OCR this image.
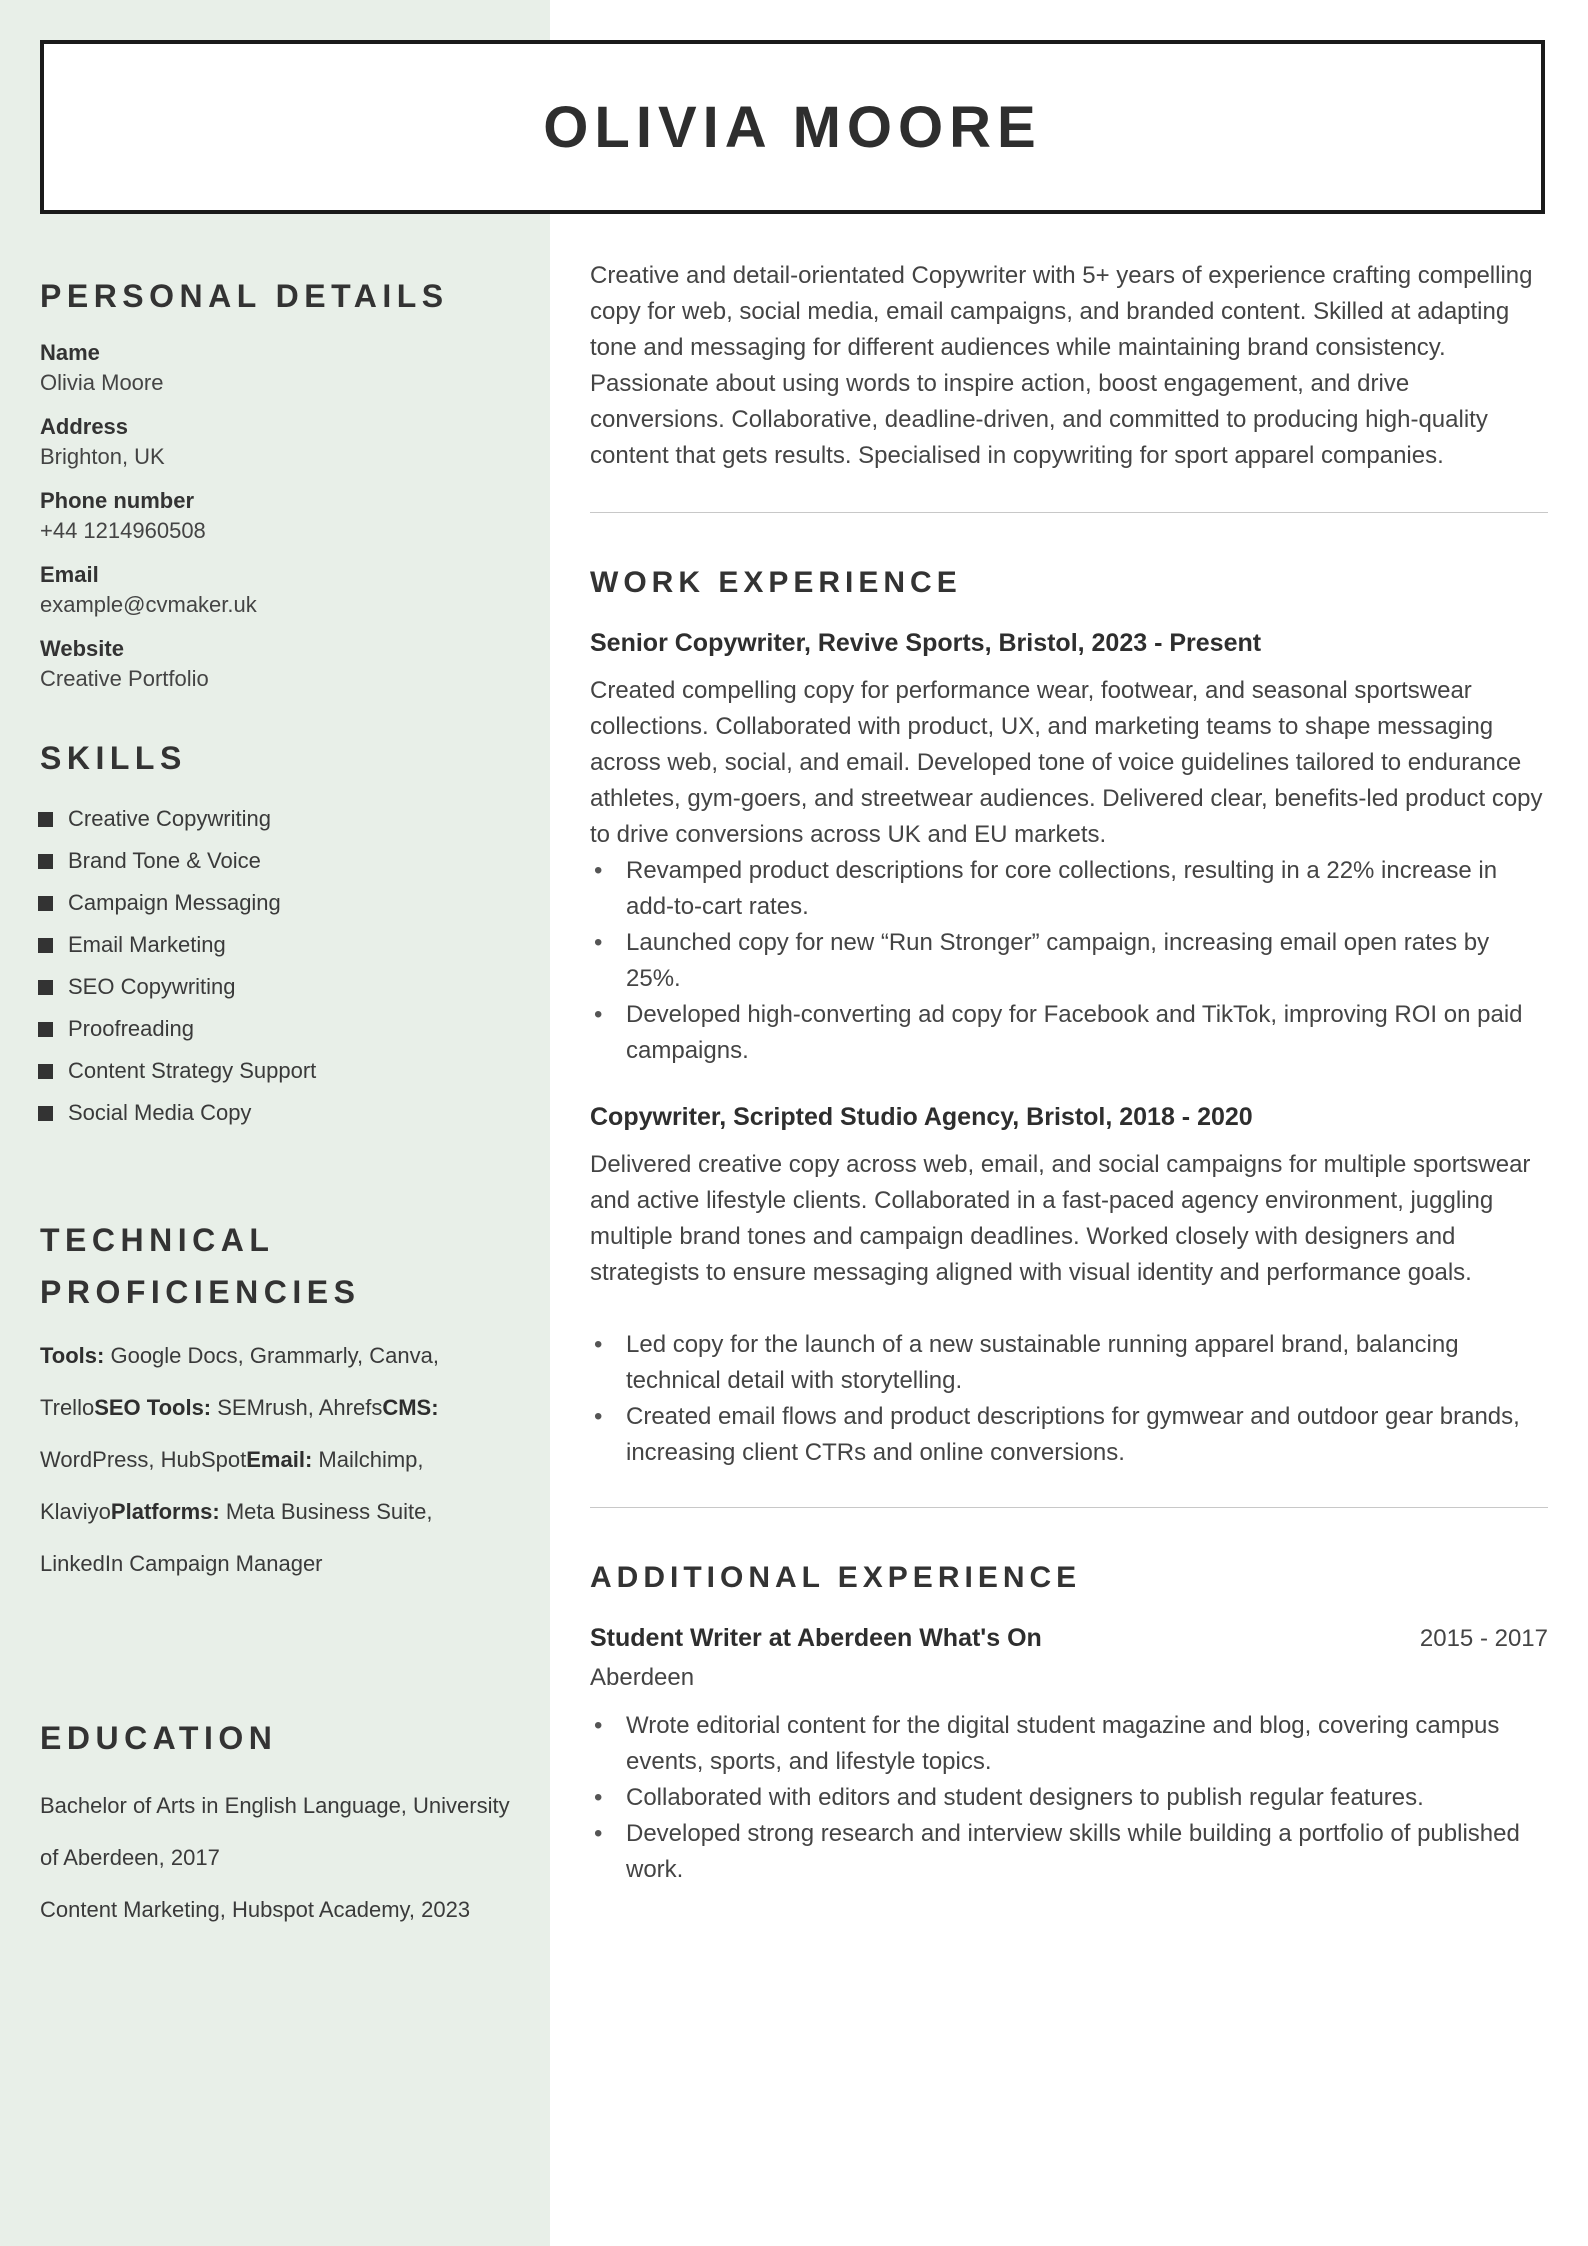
OLIVIA MOORE
PERSONAL DETAILS
Name
Olivia Moore
Address
Brighton, UK
Phone number
+44 1214960508
Email
example@cvmaker.uk
Website
Creative Portfolio
SKILLS
Creative Copywriting
Brand Tone & Voice
Campaign Messaging
Email Marketing
SEO Copywriting
Proofreading
Content Strategy Support
Social Media Copy
TECHNICAL
PROFICIENCIES
Tools: Google Docs, Grammarly, Canva, TrelloSEO Tools: SEMrush, AhrefsCMS: WordPress, HubSpotEmail: Mailchimp, KlaviyoPlatforms: Meta Business Suite, LinkedIn Campaign Manager
EDUCATION

Bachelor of Arts in English Language, University of Aberdeen, 2017

Content Marketing, Hubspot Academy, 2023

Creative and detail-orientated Copywriter with 5+ years of experience crafting compelling copy for web, social media, email campaigns, and branded content. Skilled at adapting tone and messaging for different audiences while maintaining brand consistency. Passionate about using words to inspire action, boost engagement, and drive conversions. Collaborative, deadline-driven, and committed to producing high-quality content that gets results. Specialised in copywriting for sport apparel companies.

WORK EXPERIENCE
Senior Copywriter, Revive Sports, Bristol, 2023 - Present

Created compelling copy for performance wear, footwear, and seasonal sportswear collections. Collaborated with product, UX, and marketing teams to shape messaging across web, social, and email. Developed tone of voice guidelines tailored to endurance athletes, gym-goers, and streetwear audiences. Delivered clear, benefits-led product copy to drive conversions across UK and EU markets.

• Revamped product descriptions for core collections, resulting in a 22% increase in add-to-cart rates.
• Launched copy for new “Run Stronger” campaign, increasing email open rates by 25%.
• Developed high-converting ad copy for Facebook and TikTok, improving ROI on paid campaigns.
Copywriter, Scripted Studio Agency, Bristol, 2018 - 2020

Delivered creative copy across web, email, and social campaigns for multiple sportswear and active lifestyle clients. Collaborated in a fast-paced agency environment, juggling multiple brand tones and campaign deadlines. Worked closely with designers and strategists to ensure messaging aligned with visual identity and performance goals.

• Led copy for the launch of a new sustainable running apparel brand, balancing technical detail with storytelling.
• Created email flows and product descriptions for gymwear and outdoor gear brands, increasing client CTRs and online conversions.
ADDITIONAL EXPERIENCE
Student Writer at Aberdeen What's On	2015 - 2017
Aberdeen
• Wrote editorial content for the digital student magazine and blog, covering campus events, sports, and lifestyle topics.
• Collaborated with editors and student designers to publish regular features.
• Developed strong research and interview skills while building a portfolio of published work.
